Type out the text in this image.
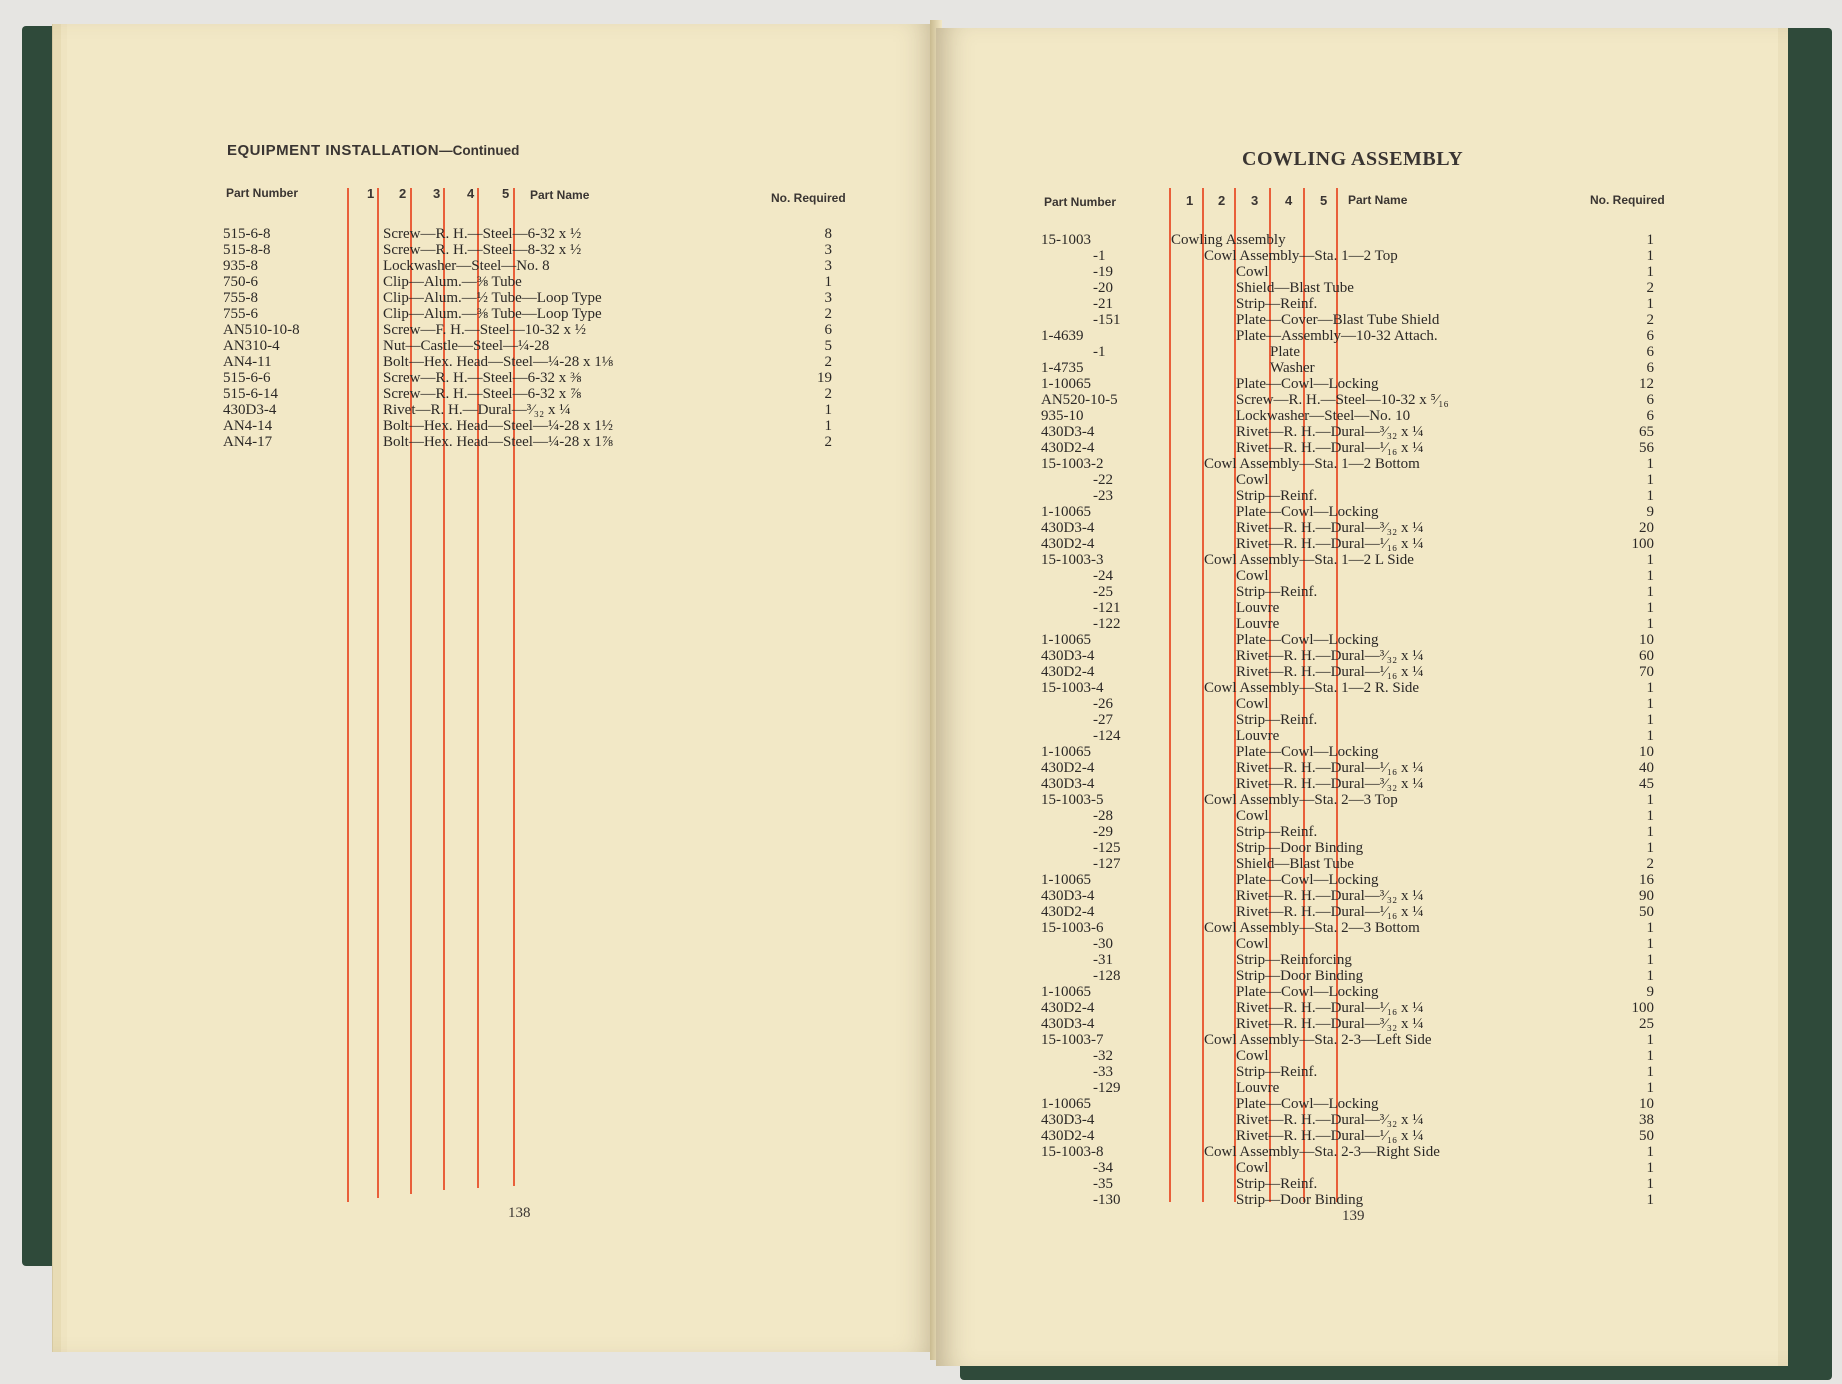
EQUIPMENT INSTALLATION—Continued
Part Number	1 2 3 4 5 Part Name	No. Required
515-6-8	Screw—R. H.—Steel—6-32 x ½	8
515-8-8	Screw—R. H.—Steel—8-32 x ½	3
935-8	Lockwasher—Steel—No. 8	3
750-6	Clip—Alum.—⅜ Tube	1
755-8	Clip—Alum.—½ Tube—Loop Type	3
755-6	Clip—Alum.—⅜ Tube—Loop Type	2
AN510-10-8	Screw—F. H.—Steel—10-32 x ½	6
AN310-4	Nut—Castle—Steel—¼-28	5
AN4-11	Bolt—Hex. Head—Steel—¼-28 x 1⅛	2
515-6-6	Screw—R. H.—Steel—6-32 x ⅜	19
515-6-14	Screw—R. H.—Steel—6-32 x ⅞	2
430D3-4	Rivet—R. H.—Dural—³⁄₃₂ x ¼	1
AN4-14	Bolt—Hex. Head—Steel—¼-28 x 1½	1
AN4-17	Bolt—Hex. Head—Steel—¼-28 x 1⅞	2
138
COWLING ASSEMBLY
Part Number	1 2 3 4 5 Part Name	No. Required
15-1003	Cowling Assembly	1
-1	Cowl Assembly—Sta. 1—2 Top	1
-19	Cowl	1
-20	Shield—Blast Tube	2
-21	Strip—Reinf.	1
-151	Plate—Cover—Blast Tube Shield	2
1-4639	Plate—Assembly—10-32 Attach.	6
-1	Plate	6
1-4735	Washer	6
1-10065	Plate—Cowl—Locking	12
AN520-10-5	Screw—R. H.—Steel—10-32 x ⁵⁄₁₆	6
935-10	Lockwasher—Steel—No. 10	6
430D3-4	Rivet—R. H.—Dural—³⁄₃₂ x ¼	65
430D2-4	Rivet—R. H.—Dural—¹⁄₁₆ x ¼	56
15-1003-2	Cowl Assembly—Sta. 1—2 Bottom	1
-22	Cowl	1
-23	Strip—Reinf.	1
1-10065	Plate—Cowl—Locking	9
430D3-4	Rivet—R. H.—Dural—³⁄₃₂ x ¼	20
430D2-4	Rivet—R. H.—Dural—¹⁄₁₆ x ¼	100
15-1003-3	Cowl Assembly—Sta. 1—2 L Side	1
-24	Cowl	1
-25	Strip—Reinf.	1
-121	Louvre	1
-122	Louvre	1
1-10065	Plate—Cowl—Locking	10
430D3-4	Rivet—R. H.—Dural—³⁄₃₂ x ¼	60
430D2-4	Rivet—R. H.—Dural—¹⁄₁₆ x ¼	70
15-1003-4	Cowl Assembly—Sta. 1—2 R. Side	1
-26	Cowl	1
-27	Strip—Reinf.	1
-124	Louvre	1
1-10065	Plate—Cowl—Locking	10
430D2-4	Rivet—R. H.—Dural—¹⁄₁₆ x ¼	40
430D3-4	Rivet—R. H.—Dural—³⁄₃₂ x ¼	45
15-1003-5	Cowl Assembly—Sta. 2—3 Top	1
-28	Cowl	1
-29	Strip—Reinf.	1
-125	Strip—Door Binding	1
-127	Shield—Blast Tube	2
1-10065	Plate—Cowl—Locking	16
430D3-4	Rivet—R. H.—Dural—³⁄₃₂ x ¼	90
430D2-4	Rivet—R. H.—Dural—¹⁄₁₆ x ¼	50
15-1003-6	Cowl Assembly—Sta. 2—3 Bottom	1
-30	Cowl	1
-31	Strip—Reinforcing	1
-128	Strip—Door Binding	1
1-10065	Plate—Cowl—Locking	9
430D2-4	Rivet—R. H.—Dural—¹⁄₁₆ x ¼	100
430D3-4	Rivet—R. H.—Dural—³⁄₃₂ x ¼	25
15-1003-7	Cowl Assembly—Sta. 2-3—Left Side	1
-32	Cowl	1
-33	Strip—Reinf.	1
-129	Louvre	1
1-10065	Plate—Cowl—Locking	10
430D3-4	Rivet—R. H.—Dural—³⁄₃₂ x ¼	38
430D2-4	Rivet—R. H.—Dural—¹⁄₁₆ x ¼	50
15-1003-8	Cowl Assembly—Sta. 2-3—Right Side	1
-34	Cowl	1
-35	Strip—Reinf.	1
-130	Strip—Door Binding	1
139
